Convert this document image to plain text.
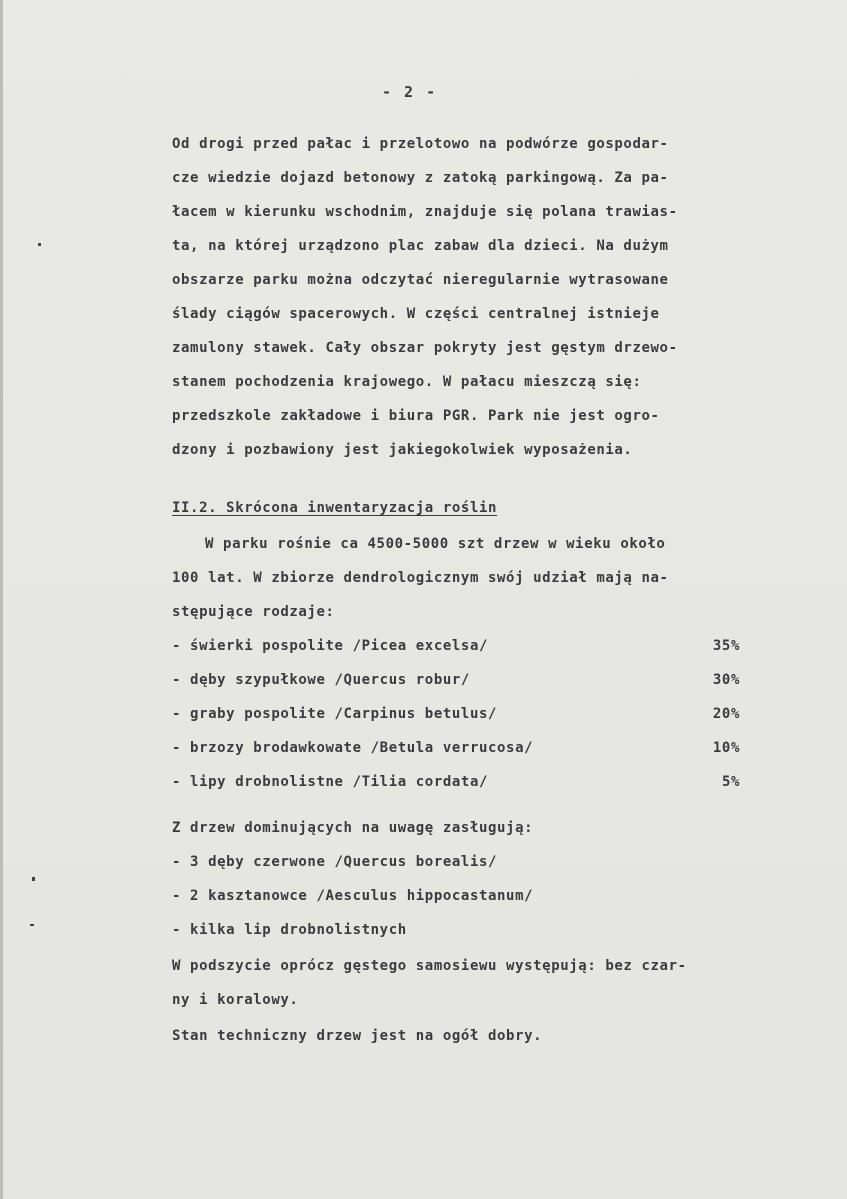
- 2 -
Od drogi przed pałac i przelotowo na podwórze gospodar-
cze wiedzie dojazd betonowy z zatoką parkingową. Za pa-
łacem w kierunku wschodnim, znajduje się polana trawias-
ta, na której urządzono plac zabaw dla dzieci. Na dużym
obszarze parku można odczytać nieregularnie wytrasowane
ślady ciągów spacerowych. W części centralnej istnieje
zamulony stawek. Cały obszar pokryty jest gęstym drzewo-
stanem pochodzenia krajowego. W pałacu mieszczą się:
przedszkole zakładowe i biura PGR. Park nie jest ogro-
dzony i pozbawiony jest jakiegokolwiek wyposażenia.
II.2. Skrócona inwentaryzacja roślin
W parku rośnie ca 4500-5000 szt drzew w wieku około
100 lat. W zbiorze dendrologicznym swój udział mają na-
stępujące rodzaje:
- świerki pospolite /Picea excelsa/	35%
- dęby szypułkowe /Quercus robur/	30%
- graby pospolite /Carpinus betulus/	20%
- brzozy brodawkowate /Betula verrucosa/	10%
- lipy drobnolistne /Tilia cordata/	5%
Z drzew dominujących na uwagę zasługują:
- 3 dęby czerwone /Quercus borealis/
- 2 kasztanowce /Aesculus hippocastanum/
- kilka lip drobnolistnych
W podszycie oprócz gęstego samosiewu występują: bez czar-
ny i koralowy.
Stan techniczny drzew jest na ogół dobry.
